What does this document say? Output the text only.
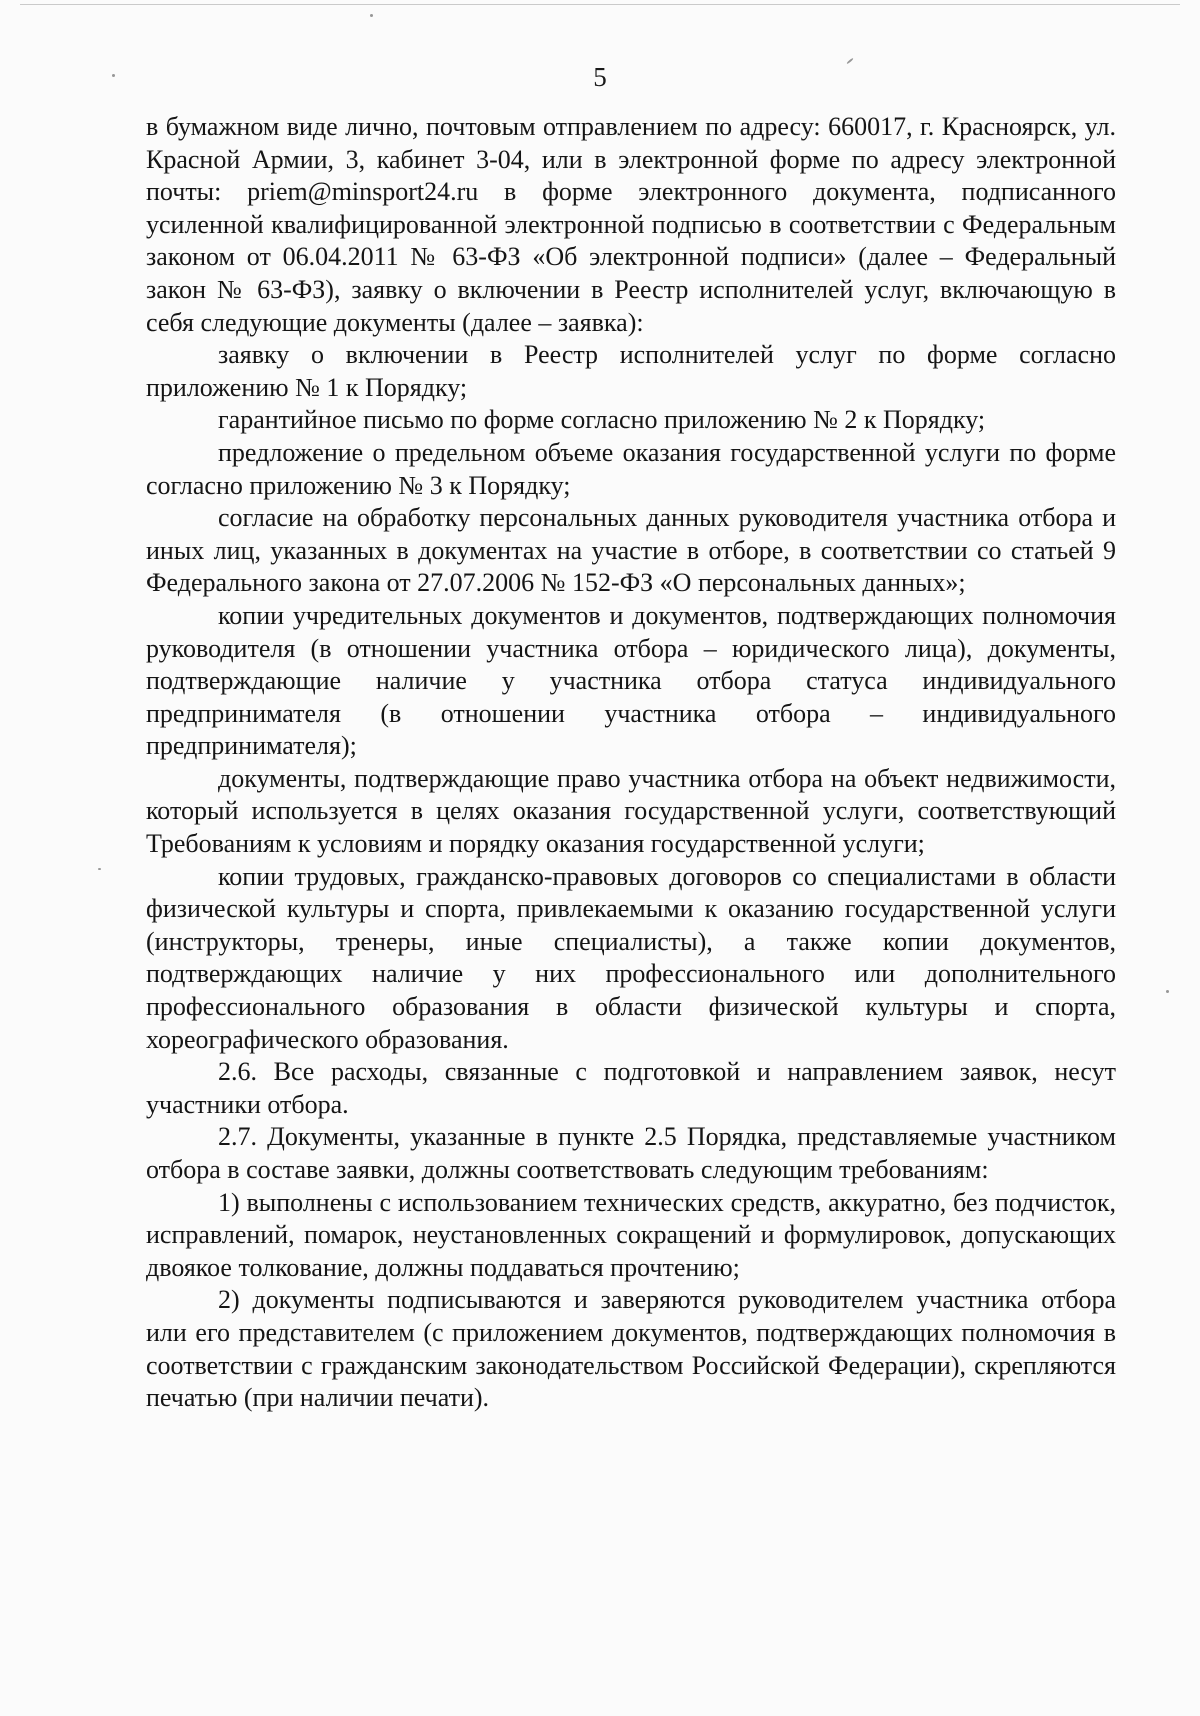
5

в бумажном виде лично, почтовым отправлением по адресу: 660017, г. Красноярск, ул. Красной Армии, 3, кабинет 3-04, или в электронной форме по адресу электронной почты: priem@minsport24.ru в форме электронного документа, подписанного усиленной квалифицированной электронной подписью в соответствии с Федеральным законом от 06.04.2011 № 63-ФЗ «Об электронной подписи» (далее – Федеральный закон № 63-ФЗ), заявку о включении в Реестр исполнителей услуг, включающую в себя следующие документы (далее – заявка):

заявку о включении в Реестр исполнителей услуг по форме согласно приложению № 1 к Порядку;

гарантийное письмо по форме согласно приложению № 2 к Порядку;

предложение о предельном объеме оказания государственной услуги по форме согласно приложению № 3 к Порядку;

согласие на обработку персональных данных руководителя участника отбора и иных лиц, указанных в документах на участие в отборе, в соответствии со статьей 9 Федерального закона от 27.07.2006 № 152-ФЗ «О персональных данных»;

копии учредительных документов и документов, подтверждающих полномочия руководителя (в отношении участника отбора – юридического лица), документы, подтверждающие наличие у участника отбора статуса индивидуального предпринимателя (в отношении участника отбора – индивидуального предпринимателя);

документы, подтверждающие право участника отбора на объект недвижимости, который используется в целях оказания государственной услуги, соответствующий Требованиям к условиям и порядку оказания государственной услуги;

копии трудовых, гражданско-правовых договоров со специалистами в области физической культуры и спорта, привлекаемыми к оказанию государственной услуги (инструкторы, тренеры, иные специалисты), а также копии документов, подтверждающих наличие у них профессионального или дополнительного профессионального образования в области физической культуры и спорта, хореографического образования.

2.6. Все расходы, связанные с подготовкой и направлением заявок, несут участники отбора.

2.7. Документы, указанные в пункте 2.5 Порядка, представляемые участником отбора в составе заявки, должны соответствовать следующим требованиям:

1) выполнены с использованием технических средств, аккуратно, без подчисток, исправлений, помарок, неустановленных сокращений и формулировок, допускающих двоякое толкование, должны поддаваться прочтению;

2) документы подписываются и заверяются руководителем участника отбора или его представителем (с приложением документов, подтверждающих полномочия в соответствии с гражданским законодательством Российской Федерации), скрепляются печатью (при наличии печати).
